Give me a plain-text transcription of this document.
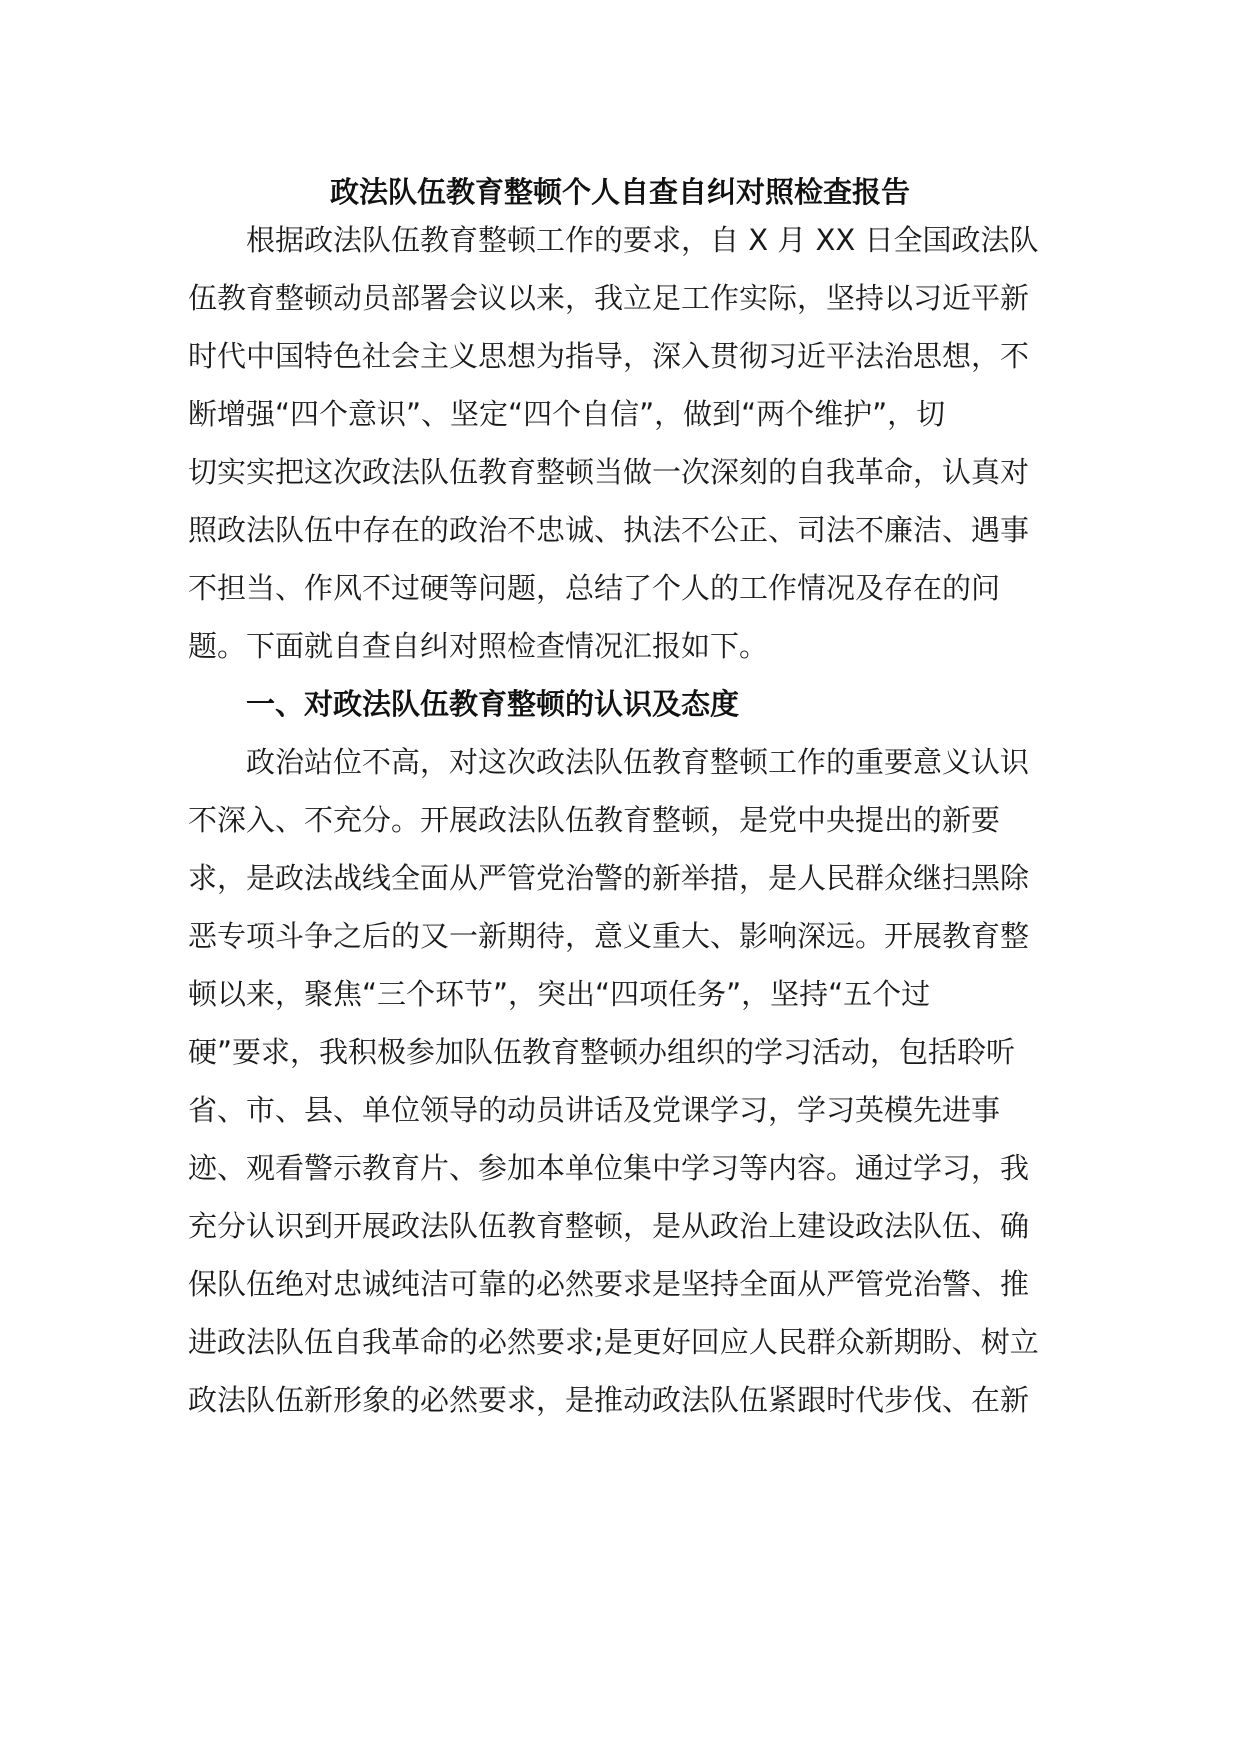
政法队伍教育整顿个人自查自纠对照检查报告

根据政法队伍教育整顿工作的要求，自 X 月 XX 日全国政法队

伍教育整顿动员部署会议以来，我立足工作实际，坚持以习近平新

时代中国特色社会主义思想为指导，深入贯彻习近平法治思想，不

断增强“四个意识”、坚定“四个自信”，做到“两个维护”，切

切实实把这次政法队伍教育整顿当做一次深刻的自我革命，认真对

照政法队伍中存在的政治不忠诚、执法不公正、司法不廉洁、遇事

不担当、作风不过硬等问题，总结了个人的工作情况及存在的问

题。下面就自查自纠对照检查情况汇报如下。

一、对政法队伍教育整顿的认识及态度

政治站位不高，对这次政法队伍教育整顿工作的重要意义认识

不深入、不充分。开展政法队伍教育整顿，是党中央提出的新要

求，是政法战线全面从严管党治警的新举措，是人民群众继扫黑除

恶专项斗争之后的又一新期待，意义重大、影响深远。开展教育整

顿以来，聚焦“三个环节”，突出“四项任务”，坚持“五个过

硬”要求，我积极参加队伍教育整顿办组织的学习活动，包括聆听

省、市、县、单位领导的动员讲话及党课学习，学习英模先进事

迹、观看警示教育片、参加本单位集中学习等内容。通过学习，我

充分认识到开展政法队伍教育整顿，是从政治上建设政法队伍、确

保队伍绝对忠诚纯洁可靠的必然要求是坚持全面从严管党治警、推

进政法队伍自我革命的必然要求;是更好回应人民群众新期盼、树立

政法队伍新形象的必然要求，是推动政法队伍紧跟时代步伐、在新
